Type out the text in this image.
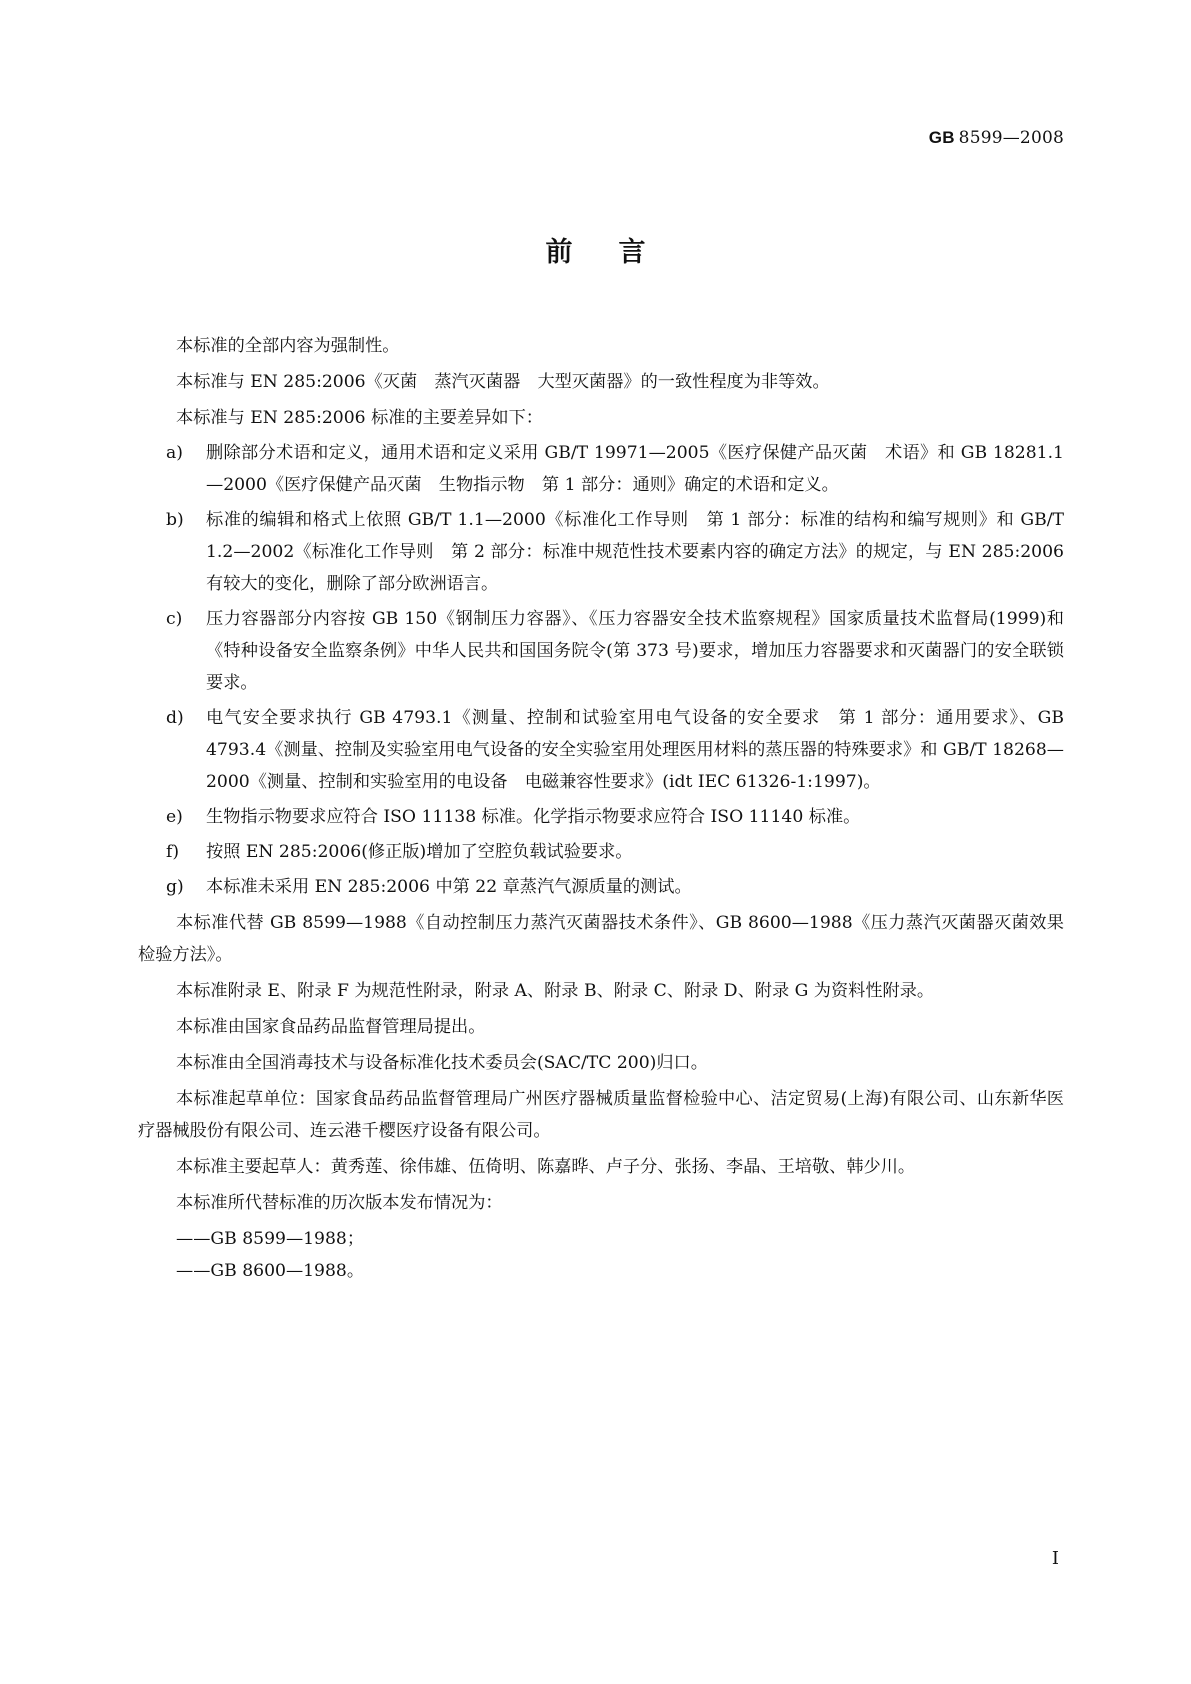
GB 8599—2008
前言
本标准的全部内容为强制性。
本标准与 EN 285:2006《灭菌　蒸汽灭菌器　大型灭菌器》的一致性程度为非等效。
本标准与 EN 285:2006 标准的主要差异如下：
a)	删除部分术语和定义，通用术语和定义采用 GB/T 19971—2005《医疗保健产品灭菌　术语》和 GB 18281.1—2000《医疗保健产品灭菌　生物指示物　第 1 部分：通则》确定的术语和定义。
b)	标准的编辑和格式上依照 GB/T 1.1—2000《标准化工作导则　第 1 部分：标准的结构和编写规则》和 GB/T 1.2—2002《标准化工作导则　第 2 部分：标准中规范性技术要素内容的确定方法》的规定，与 EN 285:2006 有较大的变化，删除了部分欧洲语言。
c)	压力容器部分内容按 GB 150《钢制压力容器》、《压力容器安全技术监察规程》国家质量技术监督局(1999)和《特种设备安全监察条例》中华人民共和国国务院令(第 373 号)要求，增加压力容器要求和灭菌器门的安全联锁要求。
d)	电气安全要求执行 GB 4793.1《测量、控制和试验室用电气设备的安全要求　第 1 部分：通用要求》、GB 4793.4《测量、控制及实验室用电气设备的安全实验室用处理医用材料的蒸压器的特殊要求》和 GB/T 18268—2000《测量、控制和实验室用的电设备　电磁兼容性要求》(idt IEC 61326-1:1997)。
e)	生物指示物要求应符合 ISO 11138 标准。化学指示物要求应符合 ISO 11140 标准。
f)	按照 EN 285:2006(修正版)增加了空腔负载试验要求。
g)	本标准未采用 EN 285:2006 中第 22 章蒸汽气源质量的测试。
本标准代替 GB 8599—1988《自动控制压力蒸汽灭菌器技术条件》、GB 8600—1988《压力蒸汽灭菌器灭菌效果检验方法》。
本标准附录 E、附录 F 为规范性附录，附录 A、附录 B、附录 C、附录 D、附录 G 为资料性附录。
本标准由国家食品药品监督管理局提出。
本标准由全国消毒技术与设备标准化技术委员会(SAC/TC 200)归口。
本标准起草单位：国家食品药品监督管理局广州医疗器械质量监督检验中心、洁定贸易(上海)有限公司、山东新华医疗器械股份有限公司、连云港千樱医疗设备有限公司。
本标准主要起草人：黄秀莲、徐伟雄、伍倚明、陈嘉晔、卢子分、张扬、李晶、王培敬、韩少川。
本标准所代替标准的历次版本发布情况为：
——GB 8599—1988；
——GB 8600—1988。
I
